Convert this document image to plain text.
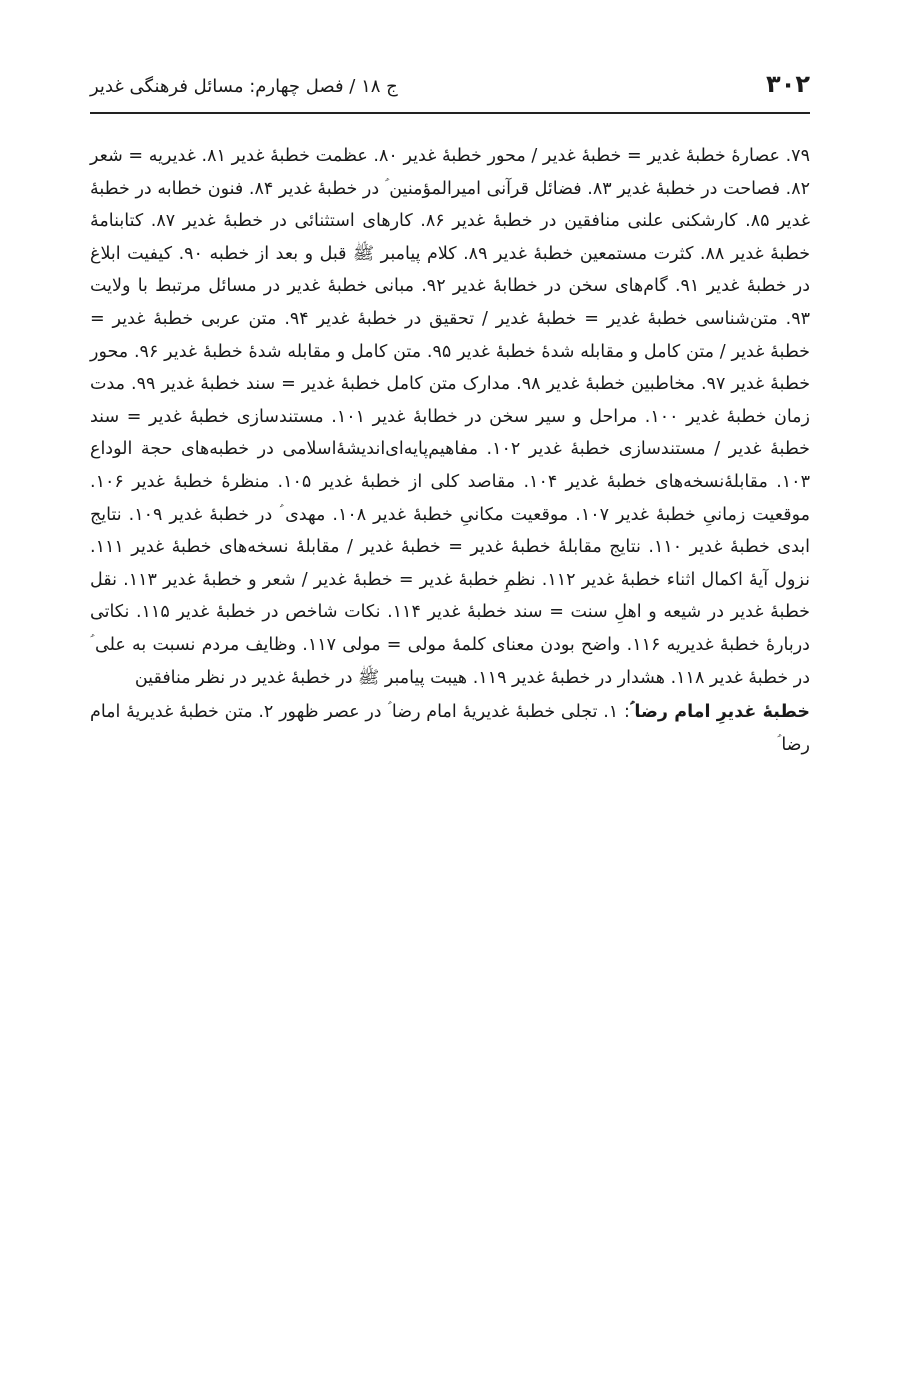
۳۰۲
ج ۱۸ / فصل چهارم: مسائل فرهنگی غدیر

۷۹. عصارۀ خطبۀ غدیر = خطبۀ غدیر / محور خطبۀ غدیر ۸۰. عظمت خطبۀ غدیر ۸۱. غدیریه = شعر ۸۲. فصاحت در خطبۀ غدیر ۸۳. فضائل قرآنی امیرالمؤمنین ؑ در خطبۀ غدیر ۸۴. فنون خطابه در خطبۀ غدیر ۸۵. کارشکنی علنی منافقین در خطبۀ غدیر ۸۶. کارهای استثنائی در خطبۀ غدیر ۸۷. کتابنامۀ خطبۀ غدیر ۸۸. کثرت مستمعین خطبۀ غدیر ۸۹. کلام پیامبر ﷺ قبل و بعد از خطبه ۹۰. کیفیت ابلاغ در خطبۀ غدیر ۹۱. گام‌های سخن در خطابۀ غدیر ۹۲. مبانی خطبۀ غدیر در مسائل مرتبط با ولایت ۹۳. متن‌شناسی خطبۀ غدیر = خطبۀ غدیر / تحقیق در خطبۀ غدیر ۹۴. متن عربی خطبۀ غدیر = خطبۀ غدیر / متن کامل و مقابله شدۀ خطبۀ غدیر ۹۵. متن کامل و مقابله شدۀ خطبۀ غدیر ۹۶. محور خطبۀ غدیر ۹۷. مخاطبین خطبۀ غدیر ۹۸. مدارک متن کامل خطبۀ غدیر = سند خطبۀ غدیر ۹۹. مدت زمان خطبۀ غدیر ۱۰۰. مراحل و سیر سخن در خطابۀ غدیر ۱۰۱. مستندسازی خطبۀ غدیر = سند خطبۀ غدیر / مستندسازی خطبۀ غدیر ۱۰۲. مفاهیم‌پایه‌ای‌اندیشۀ‌اسلامی در خطبه‌های حجة الوداع ۱۰۳. مقابلۀ‌نسخه‌های خطبۀ غدیر ۱۰۴. مقاصد کلی از خطبۀ غدیر ۱۰۵. منظرۀ خطبۀ غدیر ۱۰۶. موقعیت زمانیِ خطبۀ غدیر ۱۰۷. موقعیت مکانیِ خطبۀ غدیر ۱۰۸. مهدی ؑ در خطبۀ غدیر ۱۰۹. نتایج ابدی خطبۀ غدیر ۱۱۰. نتایج مقابلۀ خطبۀ غدیر = خطبۀ غدیر / مقابلۀ نسخه‌های خطبۀ غدیر ۱۱۱. نزول آیۀ اکمال اثناء خطبۀ غدیر ۱۱۲. نظمِ خطبۀ غدیر = خطبۀ غدیر / شعر و خطبۀ غدیر ۱۱۳. نقل خطبۀ غدیر در شیعه و اهلِ سنت = سند خطبۀ غدیر ۱۱۴. نکات شاخص در خطبۀ غدیر ۱۱۵. نکاتی دربارۀ خطبۀ غدیریه ۱۱۶. واضح بودن معنای کلمۀ مولی = مولی ۱۱۷. وظایف مردم نسبت به علی ؑ در خطبۀ غدیر ۱۱۸. هشدار در خطبۀ غدیر ۱۱۹. هیبت پیامبر ﷺ در خطبۀ غدیر در نظر منافقین

خطبۀ غدیرِ امام رضا ؑ: ۱. تجلی خطبۀ غدیریۀ امام رضا ؑ در عصر ظهور ۲. متن خطبۀ غدیریۀ امام رضا ؑ
